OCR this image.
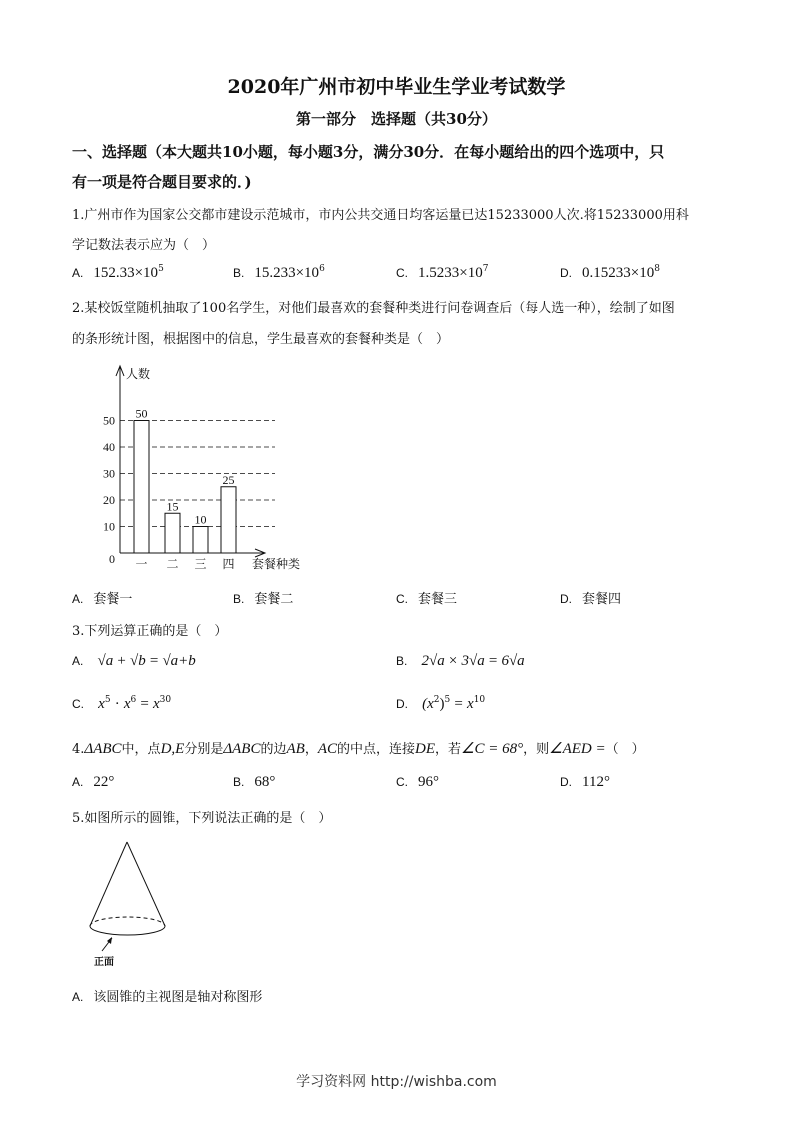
2020年广州市初中毕业生学业考试数学
第一部分　选择题（共30分）
一、选择题（本大题共10小题，每小题3分，满分30分．在每小题给出的四个选项中，只
有一项是符合题目要求的．)
1.广州市作为国家公交都市建设示范城市，市内公共交通日均客运量已达15233000人次.将15233000用科
学记数法表示应为（　）
A. $152.33\times 10^5$	B. $15.233\times 10^6$	C. $1.5233\times 10^7$	D. $0.15233\times 10^8$
2.某校饭堂随机抽取了100名学生，对他们最喜欢的套餐种类进行问卷调查后（每人选一种），绘制了如图
的条形统计图，根据图中的信息，学生最喜欢的套餐种类是（　）
0
10
20
30
40
50
人数
套餐种类
50
一
15
二
10
三
25
四
A. 套餐一	B. 套餐二	C. 套餐三	D. 套餐四
3.下列运算正确的是（　）
A. √a + √b = √a+b	B. 2√a × 3√a = 6√a
C. $x^5 \cdot x^6 = x^{30}$	D. $(x^2)^5 = x^{10}$
4.ΔABC中，点D,E分别是ΔABC的边AB，AC的中点，连接DE，若∠C = 68°，则∠AED =（　）
A. 22°	B. 68°	C. 96°	D. 112°
5.如图所示的圆锥，下列说法正确的是（　）
正面
A. 该圆锥的主视图是轴对称图形
学习资料网 http://wishba.com
